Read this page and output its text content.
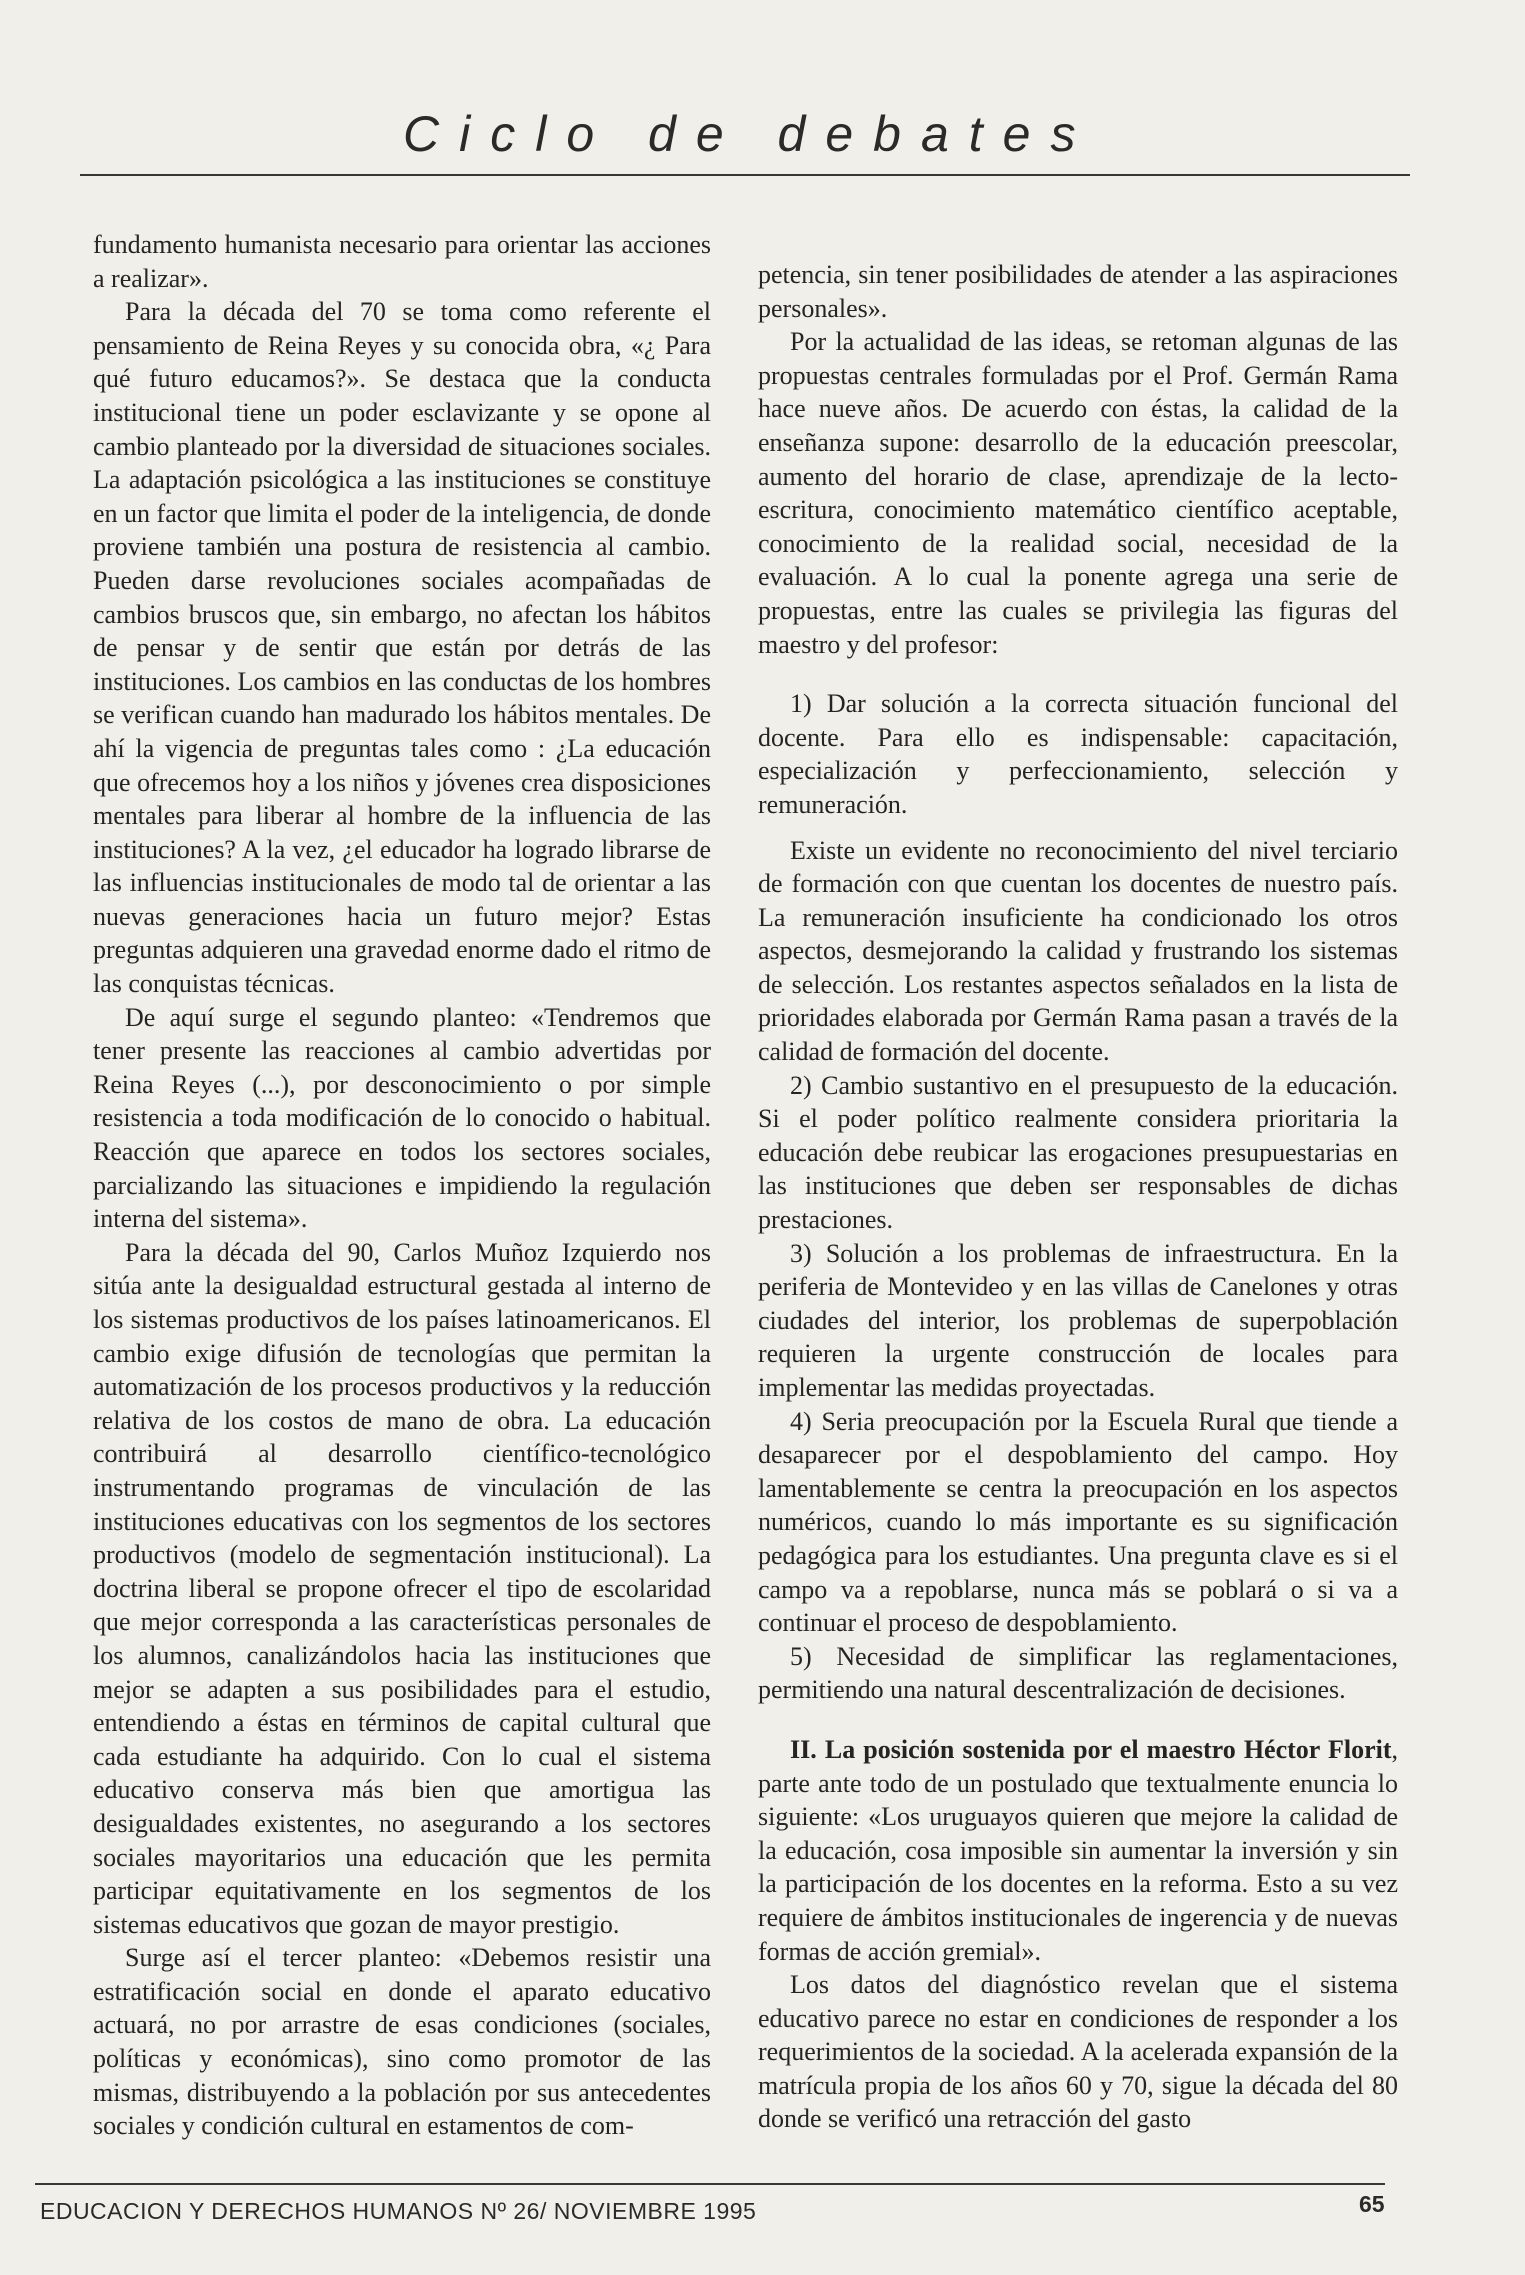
Ciclo de debates

fundamento humanista necesario para orientar las acciones a realizar».

Para la década del 70 se toma como referente el pensamiento de Reina Reyes y su conocida obra, «¿ Para qué futuro educamos?». Se destaca que la conducta institucional tiene un poder esclavizante y se opone al cambio planteado por la diversidad de situaciones sociales. La adaptación psicológica a las instituciones se constituye en un factor que limita el poder de la inteligencia, de donde proviene también una postura de resistencia al cambio. Pueden darse revoluciones sociales acompañadas de cambios bruscos que, sin embargo, no afectan los hábitos de pensar y de sentir que están por detrás de las instituciones. Los cambios en las conductas de los hombres se verifican cuando han madurado los hábitos mentales. De ahí la vigencia de preguntas tales como : ¿La educación que ofrecemos hoy a los niños y jóvenes crea disposiciones mentales para liberar al hombre de la influencia de las instituciones? A la vez, ¿el educador ha logrado librarse de las influencias institucionales de modo tal de orientar a las nuevas generaciones hacia un futuro mejor? Estas preguntas adquieren una gravedad enorme dado el ritmo de las conquistas técnicas.

De aquí surge el segundo planteo: «Tendremos que tener presente las reacciones al cambio advertidas por Reina Reyes (...), por desconocimiento o por simple resistencia a toda modificación de lo conocido o habitual. Reacción que aparece en todos los sectores sociales, parcializando las situaciones e impidiendo la regulación interna del sistema».

Para la década del 90, Carlos Muñoz Izquierdo nos sitúa ante la desigualdad estructural gestada al interno de los sistemas productivos de los países latinoamericanos. El cambio exige difusión de tecnologías que permitan la automatización de los procesos productivos y la reducción relativa de los costos de mano de obra. La educación contribuirá al desarrollo científico-tecnológico instrumentando programas de vinculación de las instituciones educativas con los segmentos de los sectores productivos (modelo de segmentación institucional). La doctrina liberal se propone ofrecer el tipo de escolaridad que mejor corresponda a las características personales de los alumnos, canalizándolos hacia las instituciones que mejor se adapten a sus posibilidades para el estudio, entendiendo a éstas en términos de capital cultural que cada estudiante ha adquirido. Con lo cual el sistema educativo conserva más bien que amortigua las desigualdades existentes, no asegurando a los sectores sociales mayoritarios una educación que les permita participar equitativamente en los segmentos de los sistemas educativos que gozan de mayor prestigio.

Surge así el tercer planteo: «Debemos resistir una estratificación social en donde el aparato educativo actuará, no por arrastre de esas condiciones (sociales, políticas y económicas), sino como promotor de las mismas, distribuyendo a la población por sus antecedentes sociales y condición cultural en estamentos de com-

petencia, sin tener posibilidades de atender a las aspiraciones personales».

Por la actualidad de las ideas, se retoman algunas de las propuestas centrales formuladas por el Prof. Germán Rama hace nueve años. De acuerdo con éstas, la calidad de la enseñanza supone: desarrollo de la educación preescolar, aumento del horario de clase, aprendizaje de la lecto-escritura, conocimiento matemático científico aceptable, conocimiento de la realidad social, necesidad de la evaluación. A lo cual la ponente agrega una serie de propuestas, entre las cuales se privilegia las figuras del maestro y del profesor:

1) Dar solución a la correcta situación funcional del docente. Para ello es indispensable: capacitación, especialización y perfeccionamiento, selección y remuneración.

Existe un evidente no reconocimiento del nivel terciario de formación con que cuentan los docentes de nuestro país. La remuneración insuficiente ha condicionado los otros aspectos, desmejorando la calidad y frustrando los sistemas de selección. Los restantes aspectos señalados en la lista de prioridades elaborada por Germán Rama pasan a través de la calidad de formación del docente.

2) Cambio sustantivo en el presupuesto de la educación. Si el poder político realmente considera prioritaria la educación debe reubicar las erogaciones presupuestarias en las instituciones que deben ser responsables de dichas prestaciones.

3) Solución a los problemas de infraestructura. En la periferia de Montevideo y en las villas de Canelones y otras ciudades del interior, los problemas de superpoblación requieren la urgente construcción de locales para implementar las medidas proyectadas.

4) Seria preocupación por la Escuela Rural que tiende a desaparecer por el despoblamiento del campo. Hoy lamentablemente se centra la preocupación en los aspectos numéricos, cuando lo más importante es su significación pedagógica para los estudiantes. Una pregunta clave es si el campo va a repoblarse, nunca más se poblará o si va a continuar el proceso de despoblamiento.

5) Necesidad de simplificar las reglamentaciones, permitiendo una natural descentralización de decisiones.

II. La posición sostenida por el maestro Héctor Florit, parte ante todo de un postulado que textualmente enuncia lo siguiente: «Los uruguayos quieren que mejore la calidad de la educación, cosa imposible sin aumentar la inversión y sin la participación de los docentes en la reforma. Esto a su vez requiere de ámbitos institucionales de ingerencia y de nuevas formas de acción gremial».

Los datos del diagnóstico revelan que el sistema educativo parece no estar en condiciones de responder a los requerimientos de la sociedad. A la acelerada expansión de la matrícula propia de los años 60 y 70, sigue la década del 80 donde se verificó una retracción del gasto

EDUCACION Y DERECHOS HUMANOS Nº 26/ NOVIEMBRE 1995	65
